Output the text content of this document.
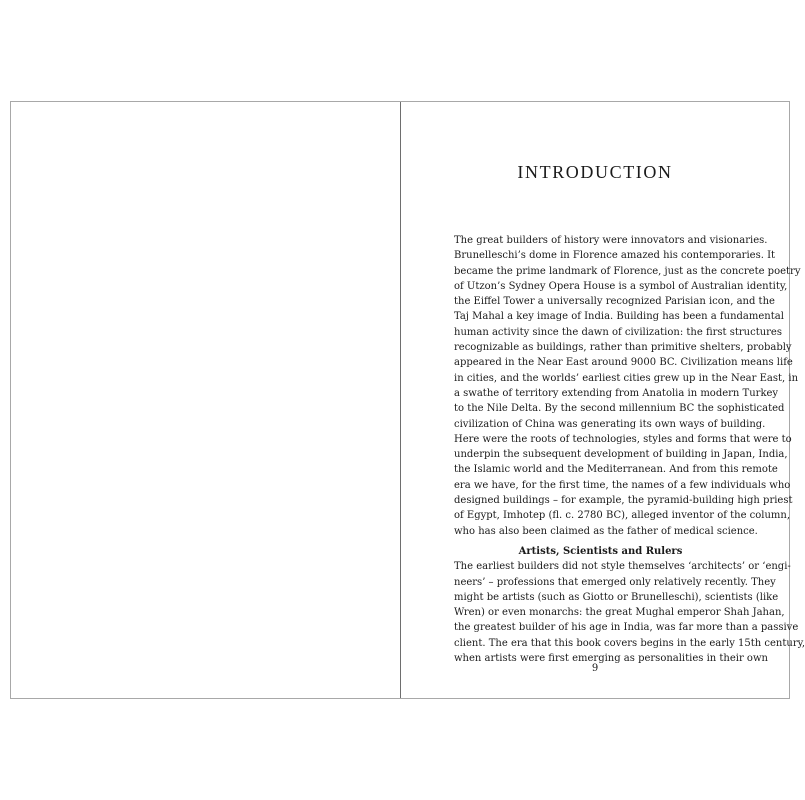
INTRODUCTION
The great builders of history were innovators and visionaries.
Brunelleschi’s dome in Florence amazed his contemporaries. It
became the prime landmark of Florence, just as the concrete poetry
of Utzon’s Sydney Opera House is a symbol of Australian identity,
the Eiffel Tower a universally recognized Parisian icon, and the
Taj Mahal a key image of India. Building has been a fundamental
human activity since the dawn of civilization: the first structures
recognizable as buildings, rather than primitive shelters, probably
appeared in the Near East around 9000 BC. Civilization means life
in cities, and the worlds’ earliest cities grew up in the Near East, in
a swathe of territory extending from Anatolia in modern Turkey
to the Nile Delta. By the second millennium BC the sophisticated
civilization of China was generating its own ways of building.
Here were the roots of technologies, styles and forms that were to
underpin the subsequent development of building in Japan, India,
the Islamic world and the Mediterranean. And from this remote
era we have, for the first time, the names of a few individuals who
designed buildings – for example, the pyramid-building high priest
of Egypt, Imhotep (fl. c. 2780 BC), alleged inventor of the column,
who has also been claimed as the father of medical science.
Artists, Scientists and Rulers
The earliest builders did not style themselves ‘architects’ or ‘engi-
neers’ – professions that emerged only relatively recently. They
might be artists (such as Giotto or Brunelleschi), scientists (like
Wren) or even monarchs: the great Mughal emperor Shah Jahan,
the greatest builder of his age in India, was far more than a passive
client. The era that this book covers begins in the early 15th century,
when artists were first emerging as personalities in their own
9
